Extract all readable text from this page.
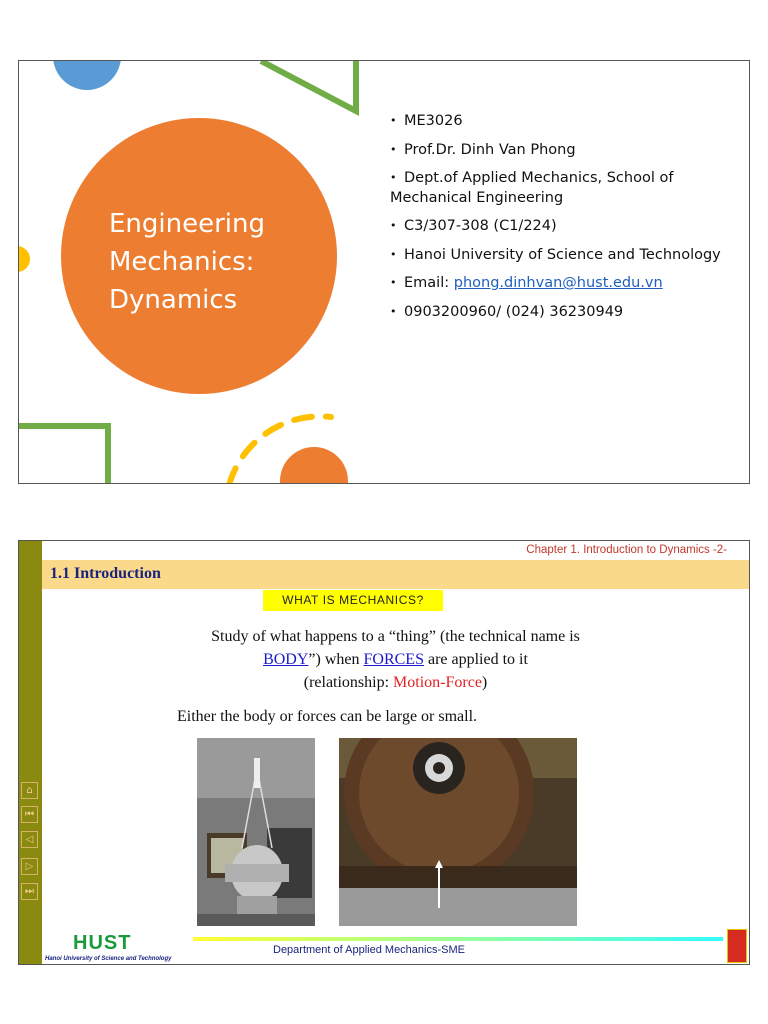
Engineering
Mechanics:
Dynamics
• ME3026
• Prof.Dr. Dinh Van Phong
• Dept.of Applied Mechanics, School of Mechanical Engineering
• C3/307-308 (C1/224)
• Hanoi University of Science and Technology
• Email: phong.dinhvan@hust.edu.vn
• 0903200960/ (024) 36230949
Chapter 1. Introduction to Dynamics -2-
1.1 Introduction
WHAT IS MECHANICS?
Study of what happens to a “thing” (the technical name is
BODY”) when FORCES are applied to it
(relationship: Motion-Force)
Either the body or forces can be large or small.
⌂
⏮
◁
▷
⏭
HUST
Hanoi University of Science and Technology
Department of Applied Mechanics-SME
